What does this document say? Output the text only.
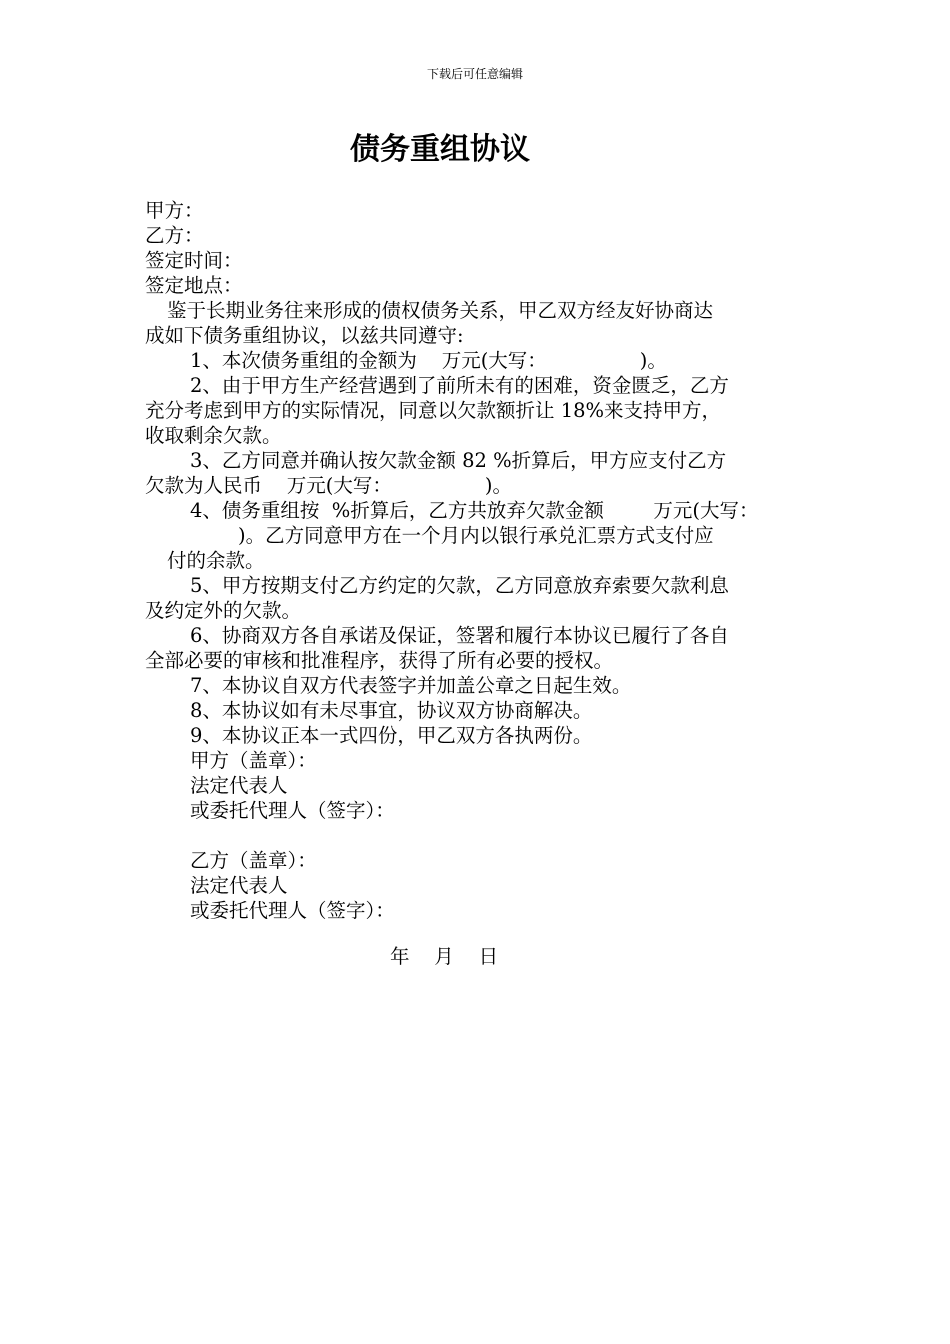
下载后可任意编辑
债务重组协议
甲方：
乙方：
签定时间：
签定地点：
鉴于长期业务往来形成的债权债务关系，甲乙双方经友好协商达
成如下债务重组协议，以兹共同遵守:
1、本次债务重组的金额为    万元(大写：               )。
2、由于甲方生产经营遇到了前所未有的困难，资金匮乏，乙方
充分考虑到甲方的实际情况，同意以欠款额折让 18%来支持甲方，
收取剩余欠款。
3、乙方同意并确认按欠款金额 82 %折算后，甲方应支付乙方
欠款为人民币    万元(大写：               )。
4、债务重组按  %折算后，乙方共放弃欠款金额        万元(大写：
)。乙方同意甲方在一个月内以银行承兑汇票方式支付应
付的余款。
5、甲方按期支付乙方约定的欠款，乙方同意放弃索要欠款利息
及约定外的欠款。
6、协商双方各自承诺及保证，签署和履行本协议已履行了各自
全部必要的审核和批准程序，获得了所有必要的授权。
7、本协议自双方代表签字并加盖公章之日起生效。
8、本协议如有未尽事宜，协议双方协商解决。
9、本协议正本一式四份，甲乙双方各执两份。
甲方（盖章）：
法定代表人
或委托代理人（签字）：
乙方（盖章）：
法定代表人
或委托代理人（签字）：
年    月    日
